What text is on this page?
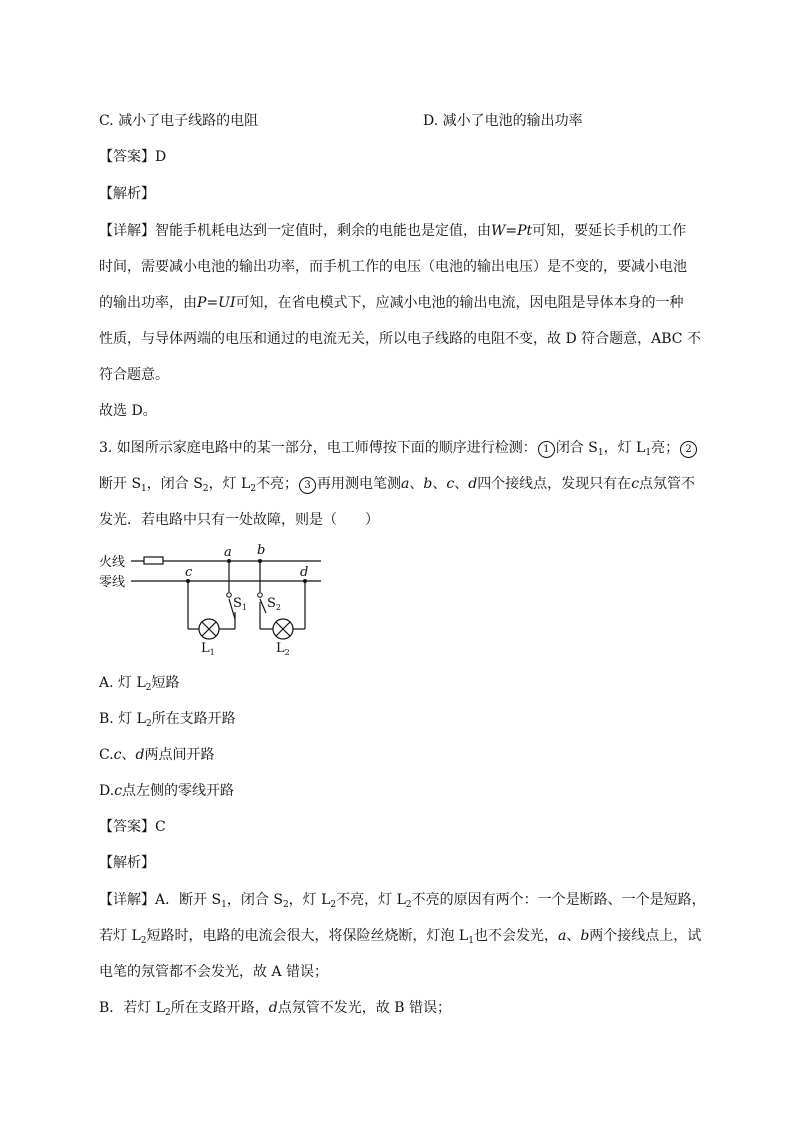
C. 减小了电子线路的电阻	D. 减小了电池的输出功率
【答案】D
【解析】
【详解】智能手机耗电达到一定值时，剩余的电能也是定值，由W=Pt可知，要延长手机的工作
时间，需要减小电池的输出功率，而手机工作的电压（电池的输出电压）是不变的，要减小电池
的输出功率，由P=UI可知，在省电模式下，应减小电池的输出电流，因电阻是导体本身的一种
性质，与导体两端的电压和通过的电流无关，所以电子线路的电阻不变，故 D 符合题意，ABC 不
符合题意。
故选 D。
3. 如图所示家庭电路中的某一部分，电工师傅按下面的顺序进行检测： 1 闭合 $S_1$，灯 $L_1$亮； 2
断开 $S_1$，闭合 $S_2$，灯 $L_2$不亮； 3 再用测电笔测a、b、c、d四个接线点，发现只有在c点氖管不
发光．若电路中只有一处故障，则是（　　）
火线
零线
a b
c	d
$S_1$ $S_2$
$L_1$	$L_2$
A. 灯 $L_2$短路
B. 灯 $L_2$所在支路开路
C.c、d两点间开路
D.c点左侧的零线开路
【答案】C
【解析】
【详解】A．断开 $S_1$，闭合 $S_2$，灯 $L_2$不亮，灯 $L_2$不亮的原因有两个：一个是断路、一个是短路，
若灯 $L_2$短路时，电路的电流会很大，将保险丝烧断，灯泡 $L_1$也不会发光，a、b两个接线点上，试
电笔的氖管都不会发光，故 A 错误；
B．若灯 $L_2$所在支路开路，d点氖管不发光，故 B 错误；
